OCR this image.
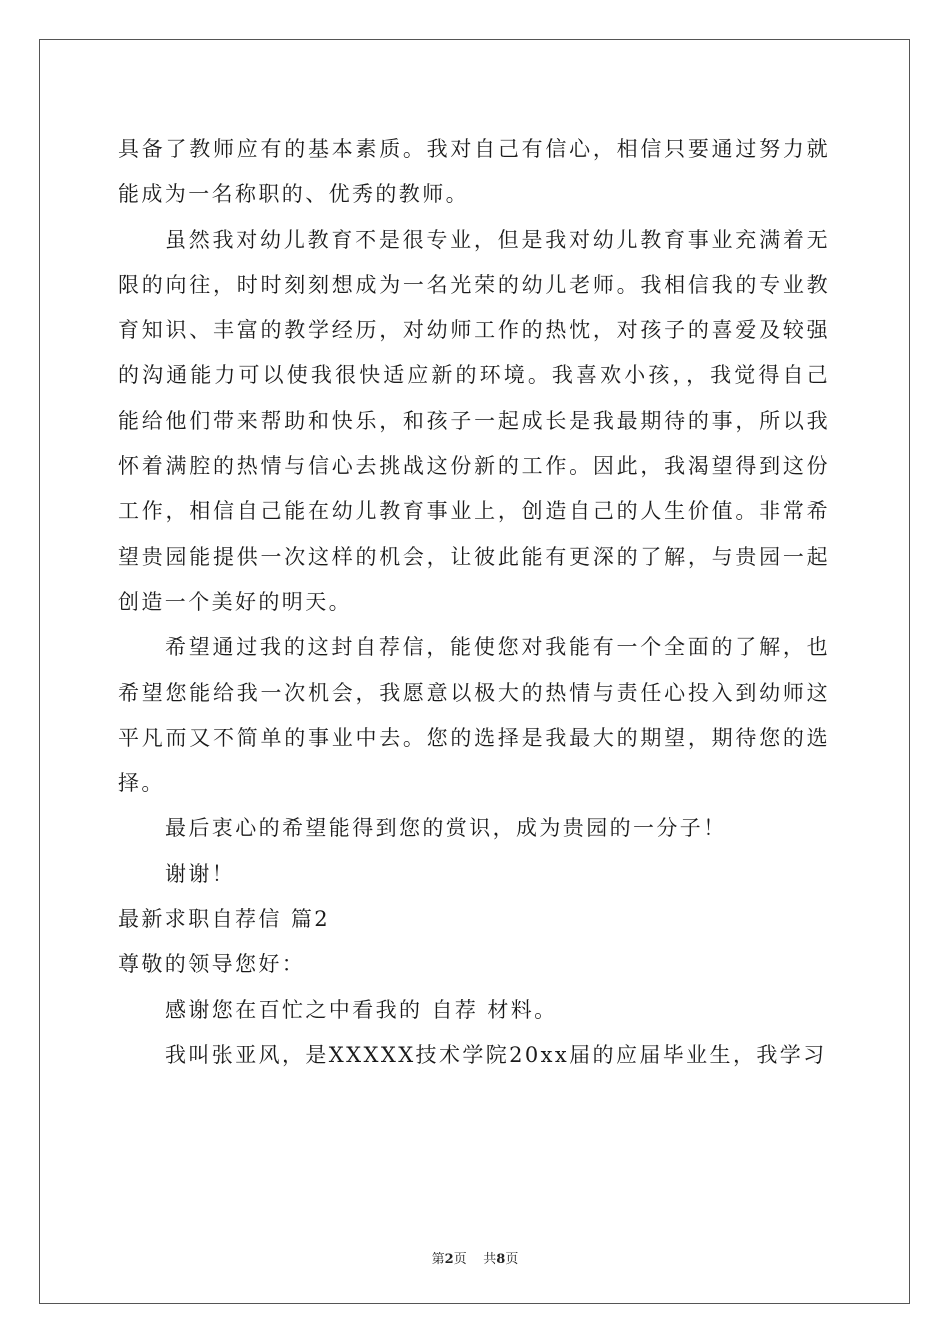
具备了教师应有的基本素质。我对自己有信心，相信只要通过努力就能成为一名称职的、优秀的教师。

虽然我对幼儿教育不是很专业，但是我对幼儿教育事业充满着无限的向往，时时刻刻想成为一名光荣的幼儿老师。我相信我的专业教育知识、丰富的教学经历，对幼师工作的热忱，对孩子的喜爱及较强的沟通能力可以使我很快适应新的环境。我喜欢小孩，，我觉得自己能给他们带来帮助和快乐，和孩子一起成长是我最期待的事，所以我怀着满腔的热情与信心去挑战这份新的工作。因此，我渴望得到这份工作，相信自己能在幼儿教育事业上，创造自己的人生价值。非常希望贵园能提供一次这样的机会，让彼此能有更深的了解，与贵园一起创造一个美好的明天。

希望通过我的这封自荐信，能使您对我能有一个全面的了解，也希望您能给我一次机会，我愿意以极大的热情与责任心投入到幼师这平凡而又不简单的事业中去。您的选择是我最大的期望，期待您的选择。

最后衷心的希望能得到您的赏识，成为贵园的一分子！

谢谢！

最新求职自荐信 篇2

尊敬的领导您好：

感谢您在百忙之中看我的 自荐 材料。

我叫张亚风，是XXXXX技术学院20xx届的应届毕业生，我学习

第2页 共8页
